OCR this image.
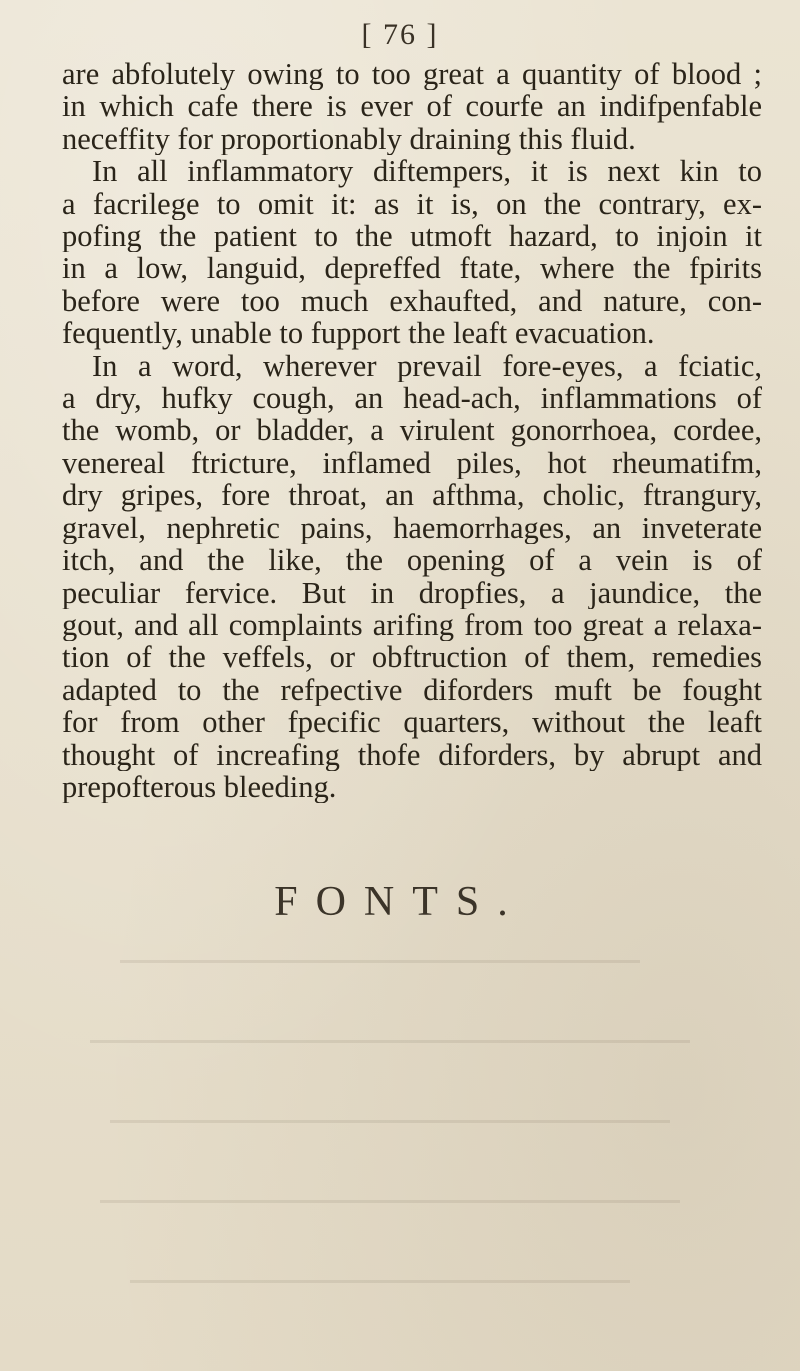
[ 76 ]
are abfolutely owing to too great a quantity of blood ;
in which cafe there is ever of courfe an indifpenfable
neceffity for proportionably draining this fluid.
In all inflammatory diftempers, it is next kin to
a facrilege to omit it: as it is, on the contrary, ex-
pofing the patient to the utmoft hazard, to injoin it
in a low, languid, depreffed ftate, where the fpirits
before were too much exhaufted, and nature, con-
fequently, unable to fupport the leaft evacuation.
In a word, wherever prevail fore-eyes, a fciatic,
a dry, hufky cough, an head-ach, inflammations of
the womb, or bladder, a virulent gonorrhoea, cordee,
venereal ftricture, inflamed piles, hot rheumatifm,
dry gripes, fore throat, an afthma, cholic, ftrangury,
gravel, nephretic pains, haemorrhages, an inveterate
itch, and the like, the opening of a vein is of
peculiar fervice. But in dropfies, a jaundice, the
gout, and all complaints arifing from too great a relaxa-
tion of the veffels, or obftruction of them, remedies
adapted to the refpective diforders muft be fought
for from other fpecific quarters, without the leaft
thought of increafing thofe diforders, by abrupt and
prepofterous bleeding.
FONTS.
